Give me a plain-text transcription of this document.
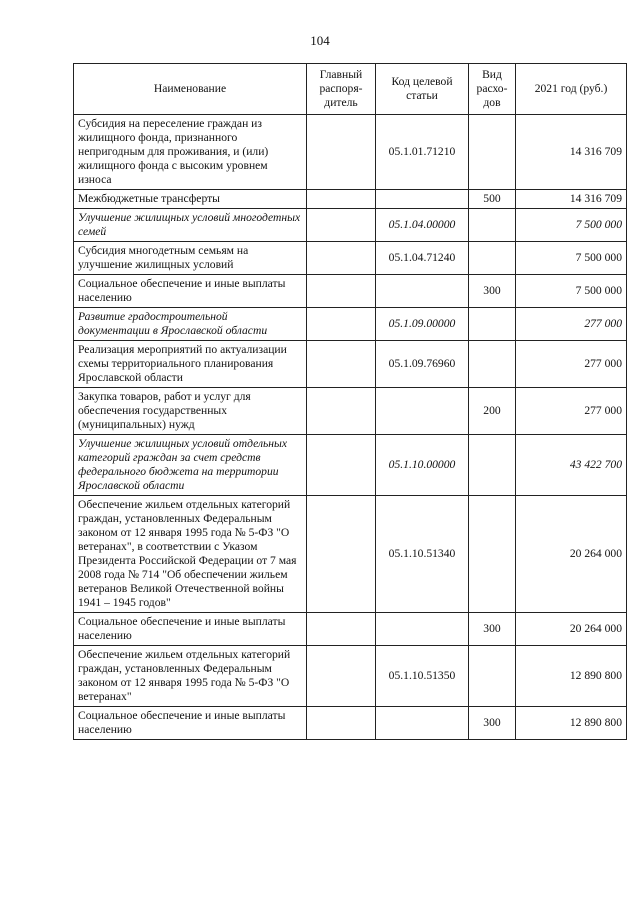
104
Наименование	Главный распоря-дитель	Код целевой статьи	Вид расхо-дов	2021 год (руб.)
Субсидия на переселение граждан из жилищного фонда, признанного непригодным для проживания, и (или) жилищного фонда с высоким уровнем износа		05.1.01.71210		14 316 709
Межбюджетные трансферты			500	14 316 709
Улучшение жилищных условий многодетных семей		05.1.04.00000		7 500 000
Субсидия многодетным семьям на улучшение жилищных условий		05.1.04.71240		7 500 000
Социальное обеспечение и иные выплаты населению			300	7 500 000
Развитие градостроительной документации в Ярославской области		05.1.09.00000		277 000
Реализация мероприятий по актуализации схемы территориального планирования Ярославской области		05.1.09.76960		277 000
Закупка товаров, работ и услуг для обеспечения государственных (муниципальных) нужд			200	277 000
Улучшение жилищных условий отдельных категорий граждан за счет средств федерального бюджета на территории Ярославской области		05.1.10.00000		43 422 700
Обеспечение жильем отдельных категорий граждан, установленных Федеральным законом от 12 января 1995 года № 5-ФЗ "О ветеранах", в соответствии с Указом Президента Российской Федерации от 7 мая 2008 года № 714 "Об обеспечении жильем ветеранов Великой Отечественной войны 1941 – 1945 годов"		05.1.10.51340		20 264 000
Социальное обеспечение и иные выплаты населению			300	20 264 000
Обеспечение жильем отдельных категорий граждан, установленных Федеральным законом от 12 января 1995 года № 5-ФЗ "О ветеранах"		05.1.10.51350		12 890 800
Социальное обеспечение и иные выплаты населению			300	12 890 800
